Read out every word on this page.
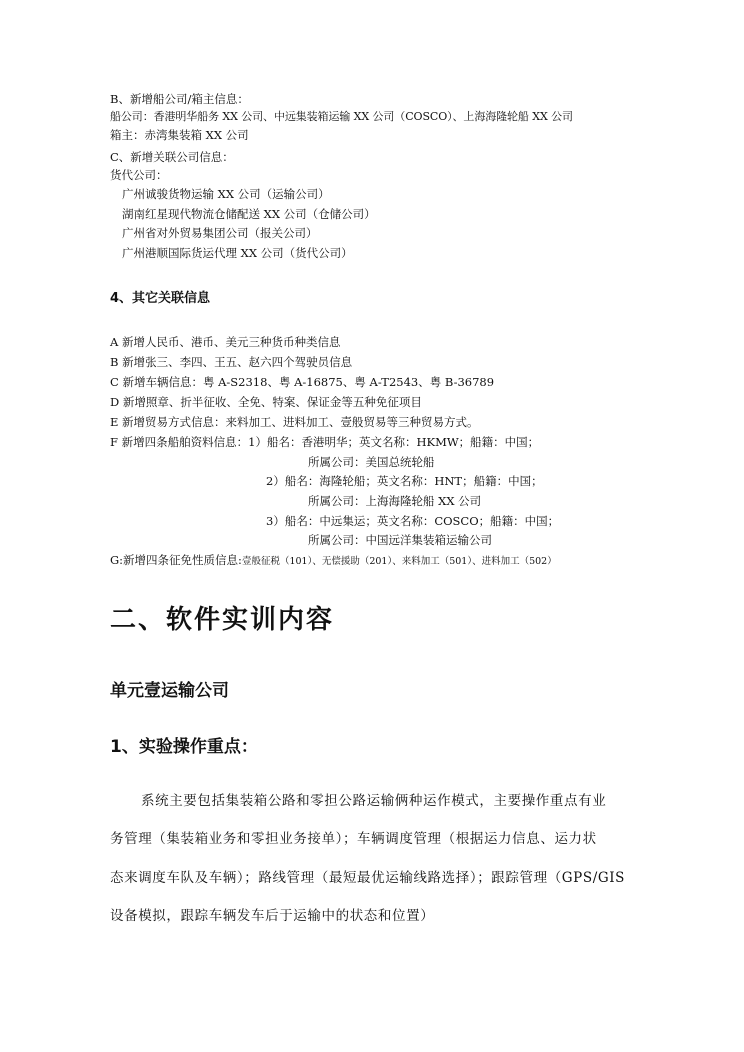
B、新增船公司/箱主信息：
船公司：香港明华船务 XX 公司、中远集装箱运输 XX 公司（COSCO）、上海海隆轮船 XX 公司
箱主：赤湾集装箱 XX 公司
C、新增关联公司信息：
货代公司：
广州诚骏货物运输 XX 公司（运输公司）
湖南红星现代物流仓储配送 XX 公司（仓储公司）
广州省对外贸易集团公司（报关公司）
广州港顺国际货运代理 XX 公司（货代公司）
4、其它关联信息
A 新增人民币、港币、美元三种货币种类信息
B 新增张三、李四、王五、赵六四个驾驶员信息
C 新增车辆信息：粤 A-S2318、粤 A-16875、粤 A-T2543、粤 B-36789
D 新增照章、折半征收、全免、特案、保证金等五种免征项目
E 新增贸易方式信息：来料加工、进料加工、壹般贸易等三种贸易方式。
F 新增四条船舶资料信息：1）船名：香港明华；英文名称：HKMW；船籍：中国；
所属公司：美国总统轮船
2）船名：海隆轮船；英文名称：HNT；船籍：中国；
所属公司：上海海隆轮船 XX 公司
3）船名：中远集运；英文名称：COSCO；船籍：中国；
所属公司：中国远洋集装箱运输公司
G:新增四条征免性质信息:壹般征税（101）、无偿援助（201）、来料加工（501）、进料加工（502）
二、软件实训内容
单元壹运输公司
1、实验操作重点：
系统主要包括集装箱公路和零担公路运输俩种运作模式，主要操作重点有业
务管理（集装箱业务和零担业务接单）；车辆调度管理（根据运力信息、运力状
态来调度车队及车辆）；路线管理（最短最优运输线路选择）；跟踪管理（GPS/GIS
设备模拟，跟踪车辆发车后于运输中的状态和位置）
